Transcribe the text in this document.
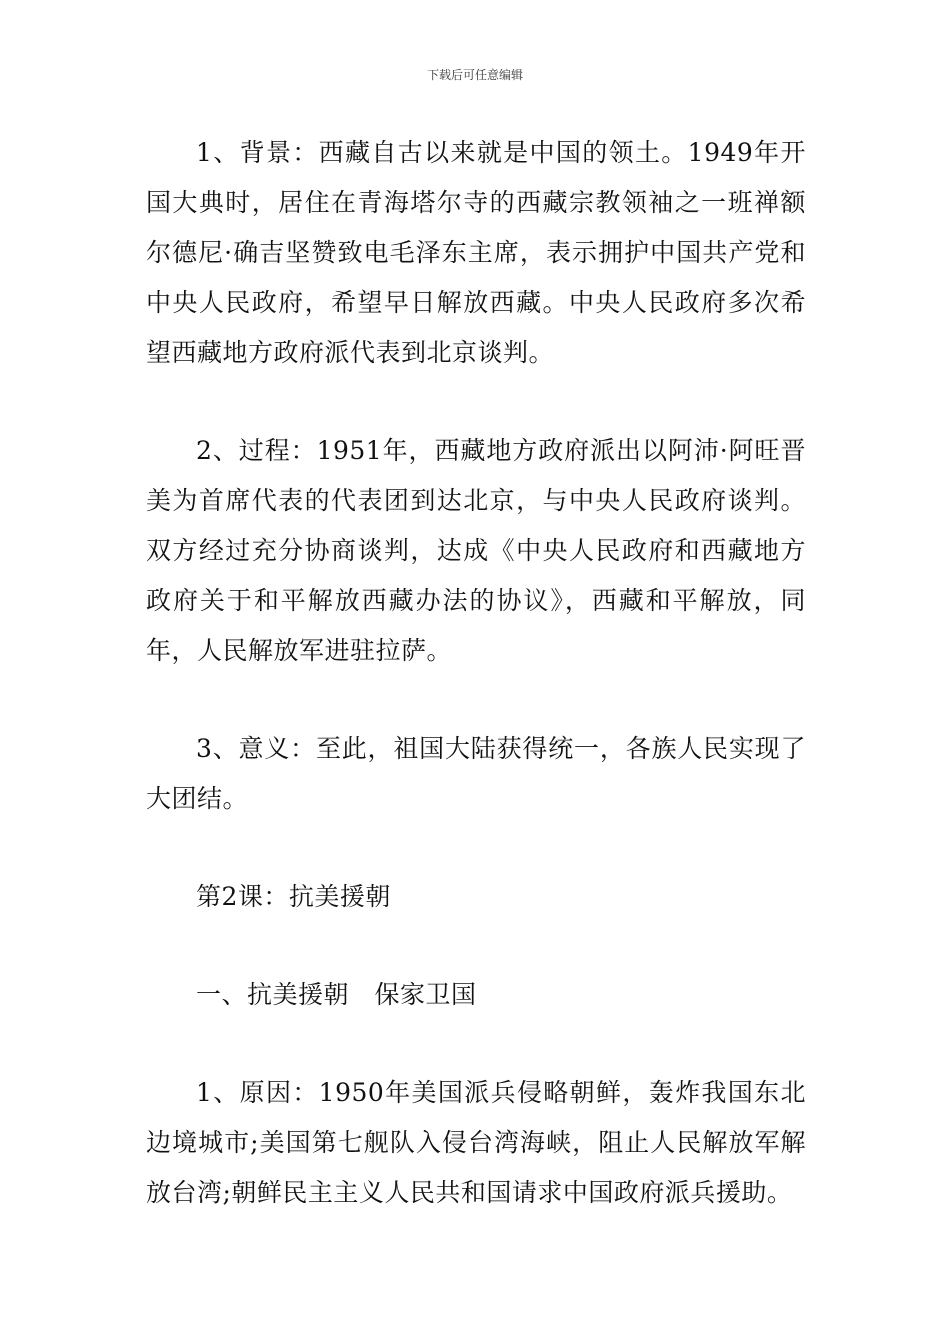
下载后可任意编辑

1、背景：西藏自古以来就是中国的领土。1949年开国大典时，居住在青海塔尔寺的西藏宗教领袖之一班禅额尔德尼·确吉坚赞致电毛泽东主席，表示拥护中国共产党和中央人民政府，希望早日解放西藏。中央人民政府多次希望西藏地方政府派代表到北京谈判。

2、过程：1951年，西藏地方政府派出以阿沛·阿旺晋美为首席代表的代表团到达北京，与中央人民政府谈判。双方经过充分协商谈判，达成《中央人民政府和西藏地方政府关于和平解放西藏办法的协议》，西藏和平解放，同年，人民解放军进驻拉萨。

3、意义：至此，祖国大陆获得统一，各族人民实现了大团结。

第2课：抗美援朝

一、抗美援朝　保家卫国

1、原因：1950年美国派兵侵略朝鲜，轰炸我国东北边境城市;美国第七舰队入侵台湾海峡，阻止人民解放军解放台湾;朝鲜民主主义人民共和国请求中国政府派兵援助。
